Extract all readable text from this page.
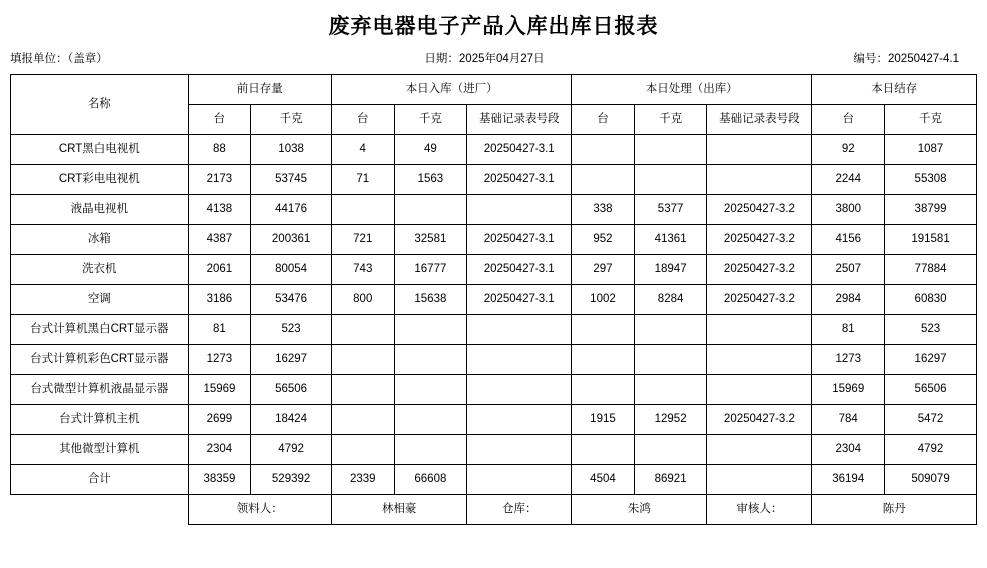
废弃电器电子产品入库出库日报表
填报单位：（盖章）	日期：2025年04月27日	编号：20250427-4.1
名称	前日存量		本日入库（进厂）			本日处理（出库）			本日结存	
	台	千克	台	千克	基础记录表号段	台	千克	基础记录表号段	台	千克
CRT黑白电视机	88	1038	4	49	20250427-3.1				92	1087
CRT彩电电视机	2173	53745	71	1563	20250427-3.1				2244	55308
液晶电视机	4138	44176				338	5377	20250427-3.2	3800	38799
冰箱	4387	200361	721	32581	20250427-3.1	952	41361	20250427-3.2	4156	191581
洗衣机	2061	80054	743	16777	20250427-3.1	297	18947	20250427-3.2	2507	77884
空调	3186	53476	800	15638	20250427-3.1	1002	8284	20250427-3.2	2984	60830
台式计算机黑白CRT显示器	81	523							81	523
台式计算机彩色CRT显示器	1273	16297							1273	16297
台式微型计算机液晶显示器	15969	56506							15969	56506
台式计算机主机	2699	18424				1915	12952	20250427-3.2	784	5472
其他微型计算机	2304	4792							2304	4792
合计	38359	529392	2339	66608		4504	86921		36194	509079
	领料人：		林相豪		仓库：	朱鸿		审核人：	陈丹	
